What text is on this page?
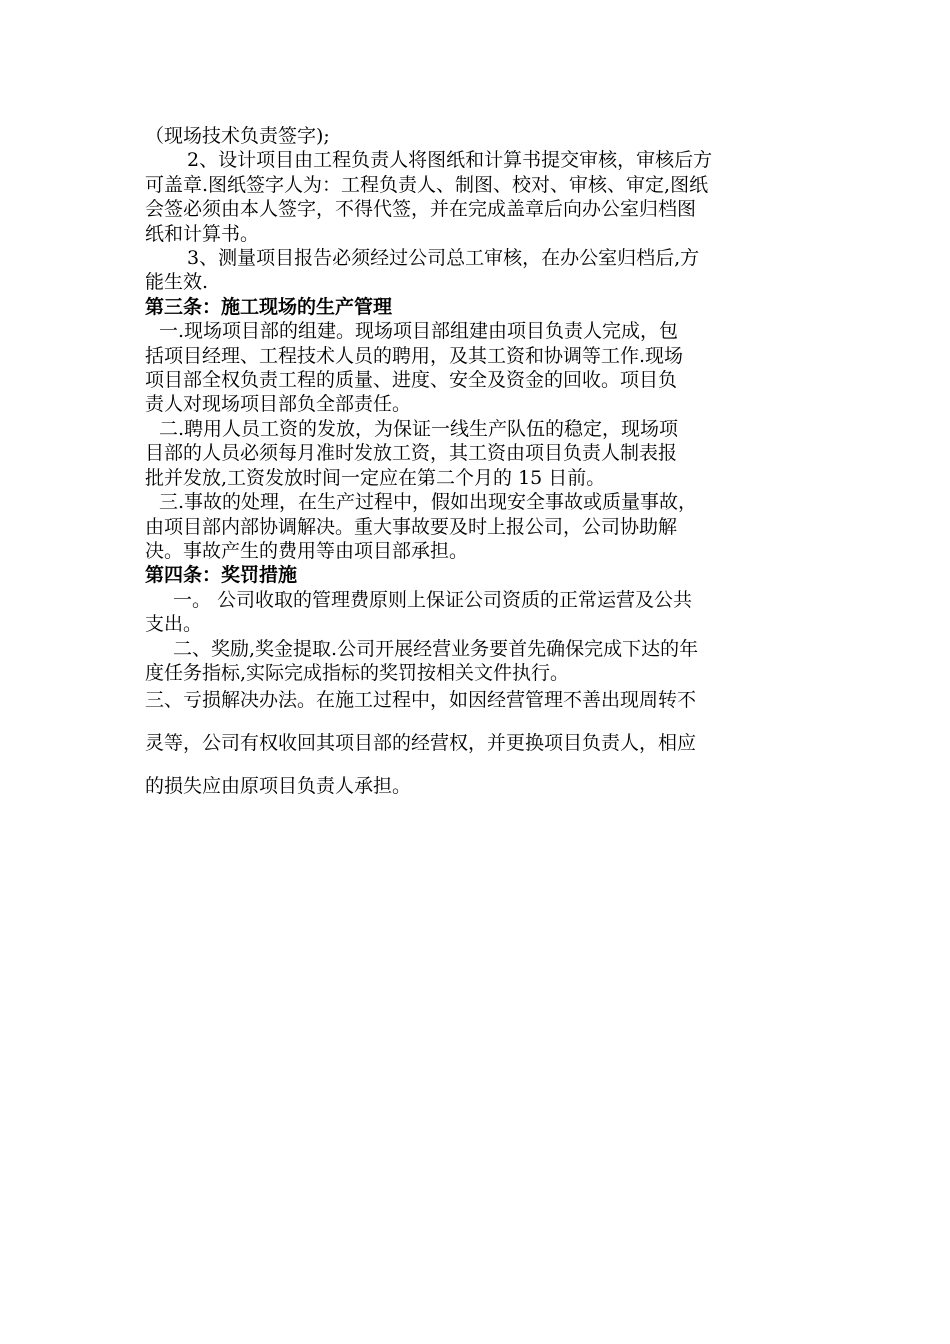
（现场技术负责签字);
2、设计项目由工程负责人将图纸和计算书提交审核，审核后方
可盖章.图纸签字人为：工程负责人、制图、校对、审核、审定,图纸
会签必须由本人签字，不得代签，并在完成盖章后向办公室归档图
纸和计算书。
3、测量项目报告必须经过公司总工审核，在办公室归档后,方
能生效.
第三条：施工现场的生产管理
一.现场项目部的组建。现场项目部组建由项目负责人完成，包
括项目经理、工程技术人员的聘用，及其工资和协调等工作.现场
项目部全权负责工程的质量、进度、安全及资金的回收。项目负
责人对现场项目部负全部责任。
二.聘用人员工资的发放，为保证一线生产队伍的稳定，现场项
目部的人员必须每月准时发放工资，其工资由项目负责人制表报
批并发放,工资发放时间一定应在第二个月的 15 日前。
三.事故的处理，在生产过程中，假如出现安全事故或质量事故，
由项目部内部协调解决。重大事故要及时上报公司，公司协助解
决。事故产生的费用等由项目部承担。
第四条：奖罚措施
一。 公司收取的管理费原则上保证公司资质的正常运营及公共
支出。
二、奖励,奖金提取.公司开展经营业务要首先确保完成下达的年
度任务指标,实际完成指标的奖罚按相关文件执行。
三、亏损解决办法。在施工过程中，如因经营管理不善出现周转不
灵等，公司有权收回其项目部的经营权，并更换项目负责人，相应
的损失应由原项目负责人承担。
